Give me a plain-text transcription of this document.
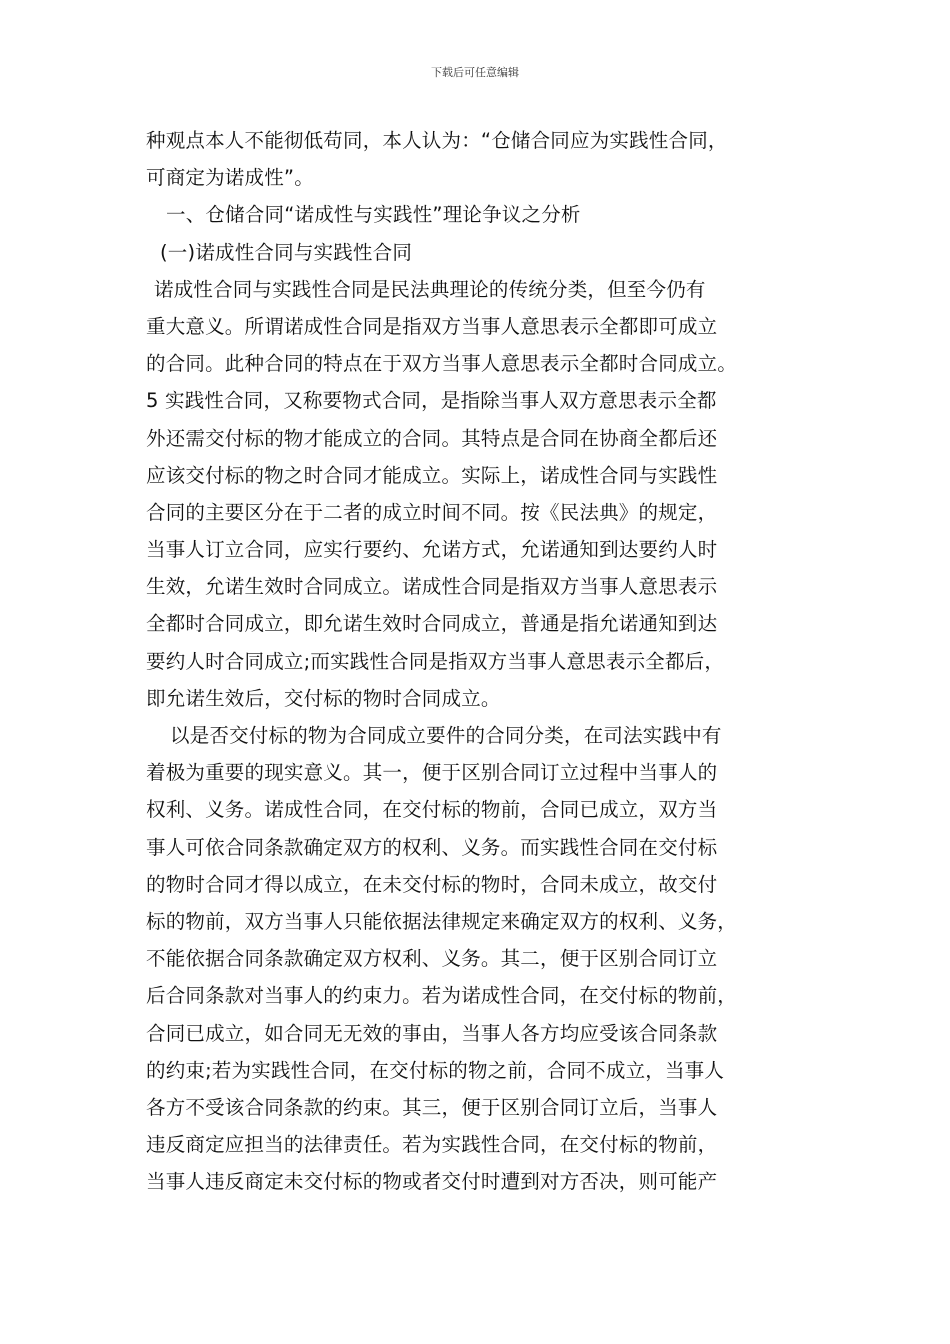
下载后可任意编辑
种观点本人不能彻低苟同，本人认为：“仓储合同应为实践性合同，
可商定为诺成性”。
一、仓储合同“诺成性与实践性”理论争议之分析
(一)诺成性合同与实践性合同
诺成性合同与实践性合同是民法典理论的传统分类，但至今仍有
重大意义。所谓诺成性合同是指双方当事人意思表示全都即可成立
的合同。此种合同的特点在于双方当事人意思表示全都时合同成立。
5 实践性合同，又称要物式合同，是指除当事人双方意思表示全都
外还需交付标的物才能成立的合同。其特点是合同在协商全都后还
应该交付标的物之时合同才能成立。实际上，诺成性合同与实践性
合同的主要区分在于二者的成立时间不同。按《民法典》的规定，
当事人订立合同，应实行要约、允诺方式，允诺通知到达要约人时
生效，允诺生效时合同成立。诺成性合同是指双方当事人意思表示
全都时合同成立，即允诺生效时合同成立，普通是指允诺通知到达
要约人时合同成立;而实践性合同是指双方当事人意思表示全都后，
即允诺生效后，交付标的物时合同成立。
以是否交付标的物为合同成立要件的合同分类，在司法实践中有
着极为重要的现实意义。其一，便于区别合同订立过程中当事人的
权利、义务。诺成性合同，在交付标的物前，合同已成立，双方当
事人可依合同条款确定双方的权利、义务。而实践性合同在交付标
的物时合同才得以成立，在未交付标的物时，合同未成立，故交付
标的物前，双方当事人只能依据法律规定来确定双方的权利、义务，
不能依据合同条款确定双方权利、义务。其二，便于区别合同订立
后合同条款对当事人的约束力。若为诺成性合同，在交付标的物前，
合同已成立，如合同无无效的事由，当事人各方均应受该合同条款
的约束;若为实践性合同，在交付标的物之前，合同不成立，当事人
各方不受该合同条款的约束。其三，便于区别合同订立后，当事人
违反商定应担当的法律责任。若为实践性合同，在交付标的物前，
当事人违反商定未交付标的物或者交付时遭到对方否决，则可能产
